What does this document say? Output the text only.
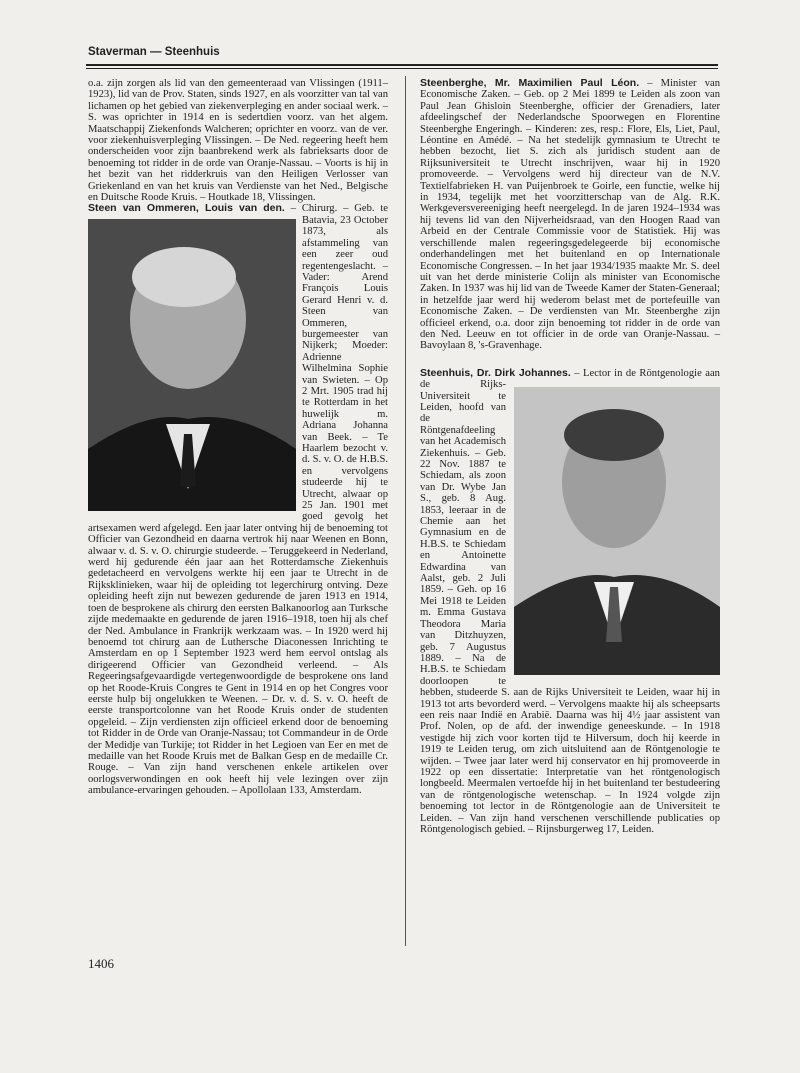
Staverman — Steenhuis

o.a. zijn zorgen als lid van den gemeenteraad van Vlissingen (1911–1923), lid van de Prov. Staten, sinds 1927, en als voorzitter van tal van lichamen op het gebied van ziekenverpleging en ander sociaal werk. – S. was oprichter in 1914 en is sedertdien voorz. van het algem. Maatschappij Ziekenfonds Walcheren; oprichter en voorz. van de ver. voor ziekenhuisverpleging Vlissingen. – De Ned. regeering heeft hem onderscheiden voor zijn baanbrekend werk als fabrieksarts door de benoeming tot ridder in de orde van Oranje-Nassau. – Voorts is hij in het bezit van het ridderkruis van den Heiligen Verlosser van Griekenland en van het kruis van Verdienste van het Ned., Belgische en Duitsche Roode Kruis. – Houtkade 18, Vlissingen.

Steen van Ommeren, Louis van den.
– Chirurg. – Geb. te Batavia, 23 October 1873, als afstammeling van een zeer oud regentengeslacht. – Vader: Arend François Louis Gerard Henri v. d. Steen van Ommeren, burgemeester van Nijkerk; Moeder: Adrienne Wilhelmina Sophie van Swieten. – Op 2 Mrt. 1905 trad hij te Rotterdam in het huwelijk m. Adriana Johanna van Beek. – Te Haarlem bezocht v. d. S. v. O. de H.B.S. en vervolgens studeerde hij te Utrecht, alwaar op 25 Jan. 1901 met goed gevolg het artsexamen werd afgelegd. Een jaar later ontving hij de benoeming tot Officier van Gezondheid en daarna vertrok hij naar Weenen en Bonn, alwaar v. d. S. v. O. chirurgie studeerde. – Teruggekeerd in Nederland, werd hij gedurende één jaar aan het Rotterdamsche Ziekenhuis gedetacheerd en vervolgens werkte hij een jaar te Utrecht in de Rijksklinieken, waar hij de opleiding tot legerchirurg ontving. Deze opleiding heeft zijn nut bewezen gedurende de jaren 1913 en 1914, toen de besprokene als chirurg den eersten Balkanoorlog aan Turksche zijde medemaakte en gedurende de jaren 1916–1918, toen hij als chef der Ned. Ambulance in Frankrijk werkzaam was. – In 1920 werd hij benoemd tot chirurg aan de Luthersche Diaconessen Inrichting te Amsterdam en op 1 September 1923 werd hem eervol ontslag als dirigeerend Officier van Gezondheid verleend. – Als Regeeringsafgevaardigde vertegenwoordigde de besprokene ons land op het Roode-Kruis Congres te Gent in 1914 en op het Congres voor eerste hulp bij ongelukken te Weenen. – Dr. v. d. S. v. O. heeft de eerste transportcolonne van het Roode Kruis onder de studenten opgeleid. – Zijn verdiensten zijn officieel erkend door de benoeming tot Ridder in de Orde van Oranje-Nassau; tot Commandeur in de Orde der Medidje van Turkije; tot Ridder in het Legioen van Eer en met de medaille van het Roode Kruis met de Balkan Gesp en de medaille Cr. Rouge. – Van zijn hand verschenen enkele artikelen over oorlogsverwondingen en ook heeft hij vele lezingen over zijn ambulance-ervaringen gehouden. – Apollolaan 133, Amsterdam.

Steenberghe, Mr. Maximilien Paul Léon. – Minister van Economische Zaken. – Geb. op 2 Mei 1899 te Leiden als zoon van Paul Jean Ghisloin Steenberghe, officier der Grenadiers, later afdeelingschef der Nederlandsche Spoorwegen en Florentine Steenberghe Engeringh. – Kinderen: zes, resp.: Flore, Els, Liet, Paul, Léontine en Amédé. – Na het stedelijk gymnasium te Utrecht te hebben bezocht, liet S. zich als juridisch student aan de Rijksuniversiteit te Utrecht inschrijven, waar hij in 1920 promoveerde. – Vervolgens werd hij directeur van de N.V. Textielfabrieken H. van Puijenbroek te Goirle, een functie, welke hij in 1934, tegelijk met het voorzitterschap van de Alg. R.K. Werkgeversvereeniging heeft neergelegd. In de jaren 1924–1934 was hij tevens lid van den Nijverheidsraad, van den Hoogen Raad van Arbeid en der Centrale Commissie voor de Statistiek. Hij was verschillende malen regeeringsgedelegeerde bij economische onderhandelingen met het buitenland en op Internationale Economische Congressen. – In het jaar 1934/1935 maakte Mr. S. deel uit van het derde ministerie Colijn als minister van Economische Zaken. In 1937 was hij lid van de Tweede Kamer der Staten-Generaal; in hetzelfde jaar werd hij wederom belast met de portefeuille van Economische Zaken. – De verdiensten van Mr. Steenberghe zijn officieel erkend, o.a. door zijn benoeming tot ridder in de orde van den Ned. Leeuw en tot officier in de orde van Oranje-Nassau. – Bavoylaan 8, 's-Gravenhage.

Steenhuis, Dr. Dirk Johannes.
– Lector in de Röntgenologie aan de Rijks-Universiteit te Leiden, hoofd van de Röntgenafdeeling van het Academisch Ziekenhuis. – Geb. 22 Nov. 1887 te Schiedam, als zoon van Dr. Wybe Jan S., geb. 8 Aug. 1853, leeraar in de Chemie aan het Gymnasium en de H.B.S. te Schiedam en Antoinette Edwardina van Aalst, geb. 2 Juli 1859. – Geh. op 16 Mei 1918 te Leiden m. Emma Gustava Theodora Maria van Ditzhuyzen, geb. 7 Augustus 1889. – Na de H.B.S. te Schiedam doorloopen te hebben, studeerde S. aan de Rijks Universiteit te Leiden, waar hij in 1913 tot arts bevorderd werd. – Vervolgens maakte hij als scheepsarts een reis naar Indië en Arabië. Daarna was hij 4½ jaar assistent van Prof. Nolen, op de afd. der inwendige geneeskunde. – In 1918 vestigde hij zich voor korten tijd te Hilversum, doch hij keerde in 1919 te Leiden terug, om zich uitsluitend aan de Röntgenologie te wijden. – Twee jaar later werd hij conservator en hij promoveerde in 1922 op een dissertatie: Interpretatie van het röntgenologisch longbeeld. Meermalen vertoefde hij in het buitenland ter bestudeering van de röntgenologische wetenschap. – In 1924 volgde zijn benoeming tot lector in de Röntgenologie aan de Universiteit te Leiden. – Van zijn hand verschenen verschillende publicaties op Röntgenologisch gebied. – Rijnsburgerweg 17, Leiden.

1406
